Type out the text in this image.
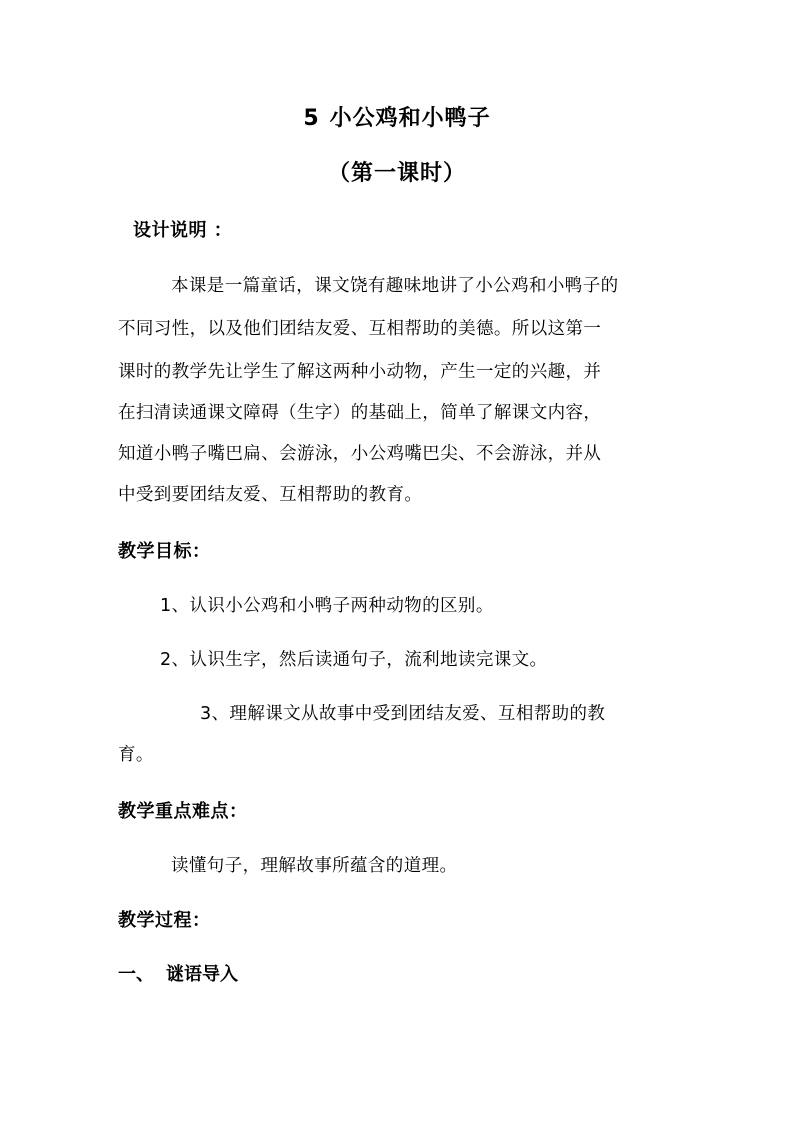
5 小公鸡和小鸭子
（第一课时）
设计说明 ：
本课是一篇童话，课文饶有趣味地讲了小公鸡和小鸭子的
不同习性，以及他们团结友爱、互相帮助的美德。所以这第一
课时的教学先让学生了解这两种小动物，产生一定的兴趣，并
在扫清读通课文障碍（生字）的基础上，简单了解课文内容，
知道小鸭子嘴巴扁、会游泳，小公鸡嘴巴尖、不会游泳，并从
中受到要团结友爱、互相帮助的教育。
教学目标：
1、认识小公鸡和小鸭子两种动物的区别。
2、认识生字，然后读通句子，流利地读完课文。
3、理解课文从故事中受到团结友爱、互相帮助的教
育。
教学重点难点：
读懂句子，理解故事所蕴含的道理。
教学过程：
一、 谜语导入
